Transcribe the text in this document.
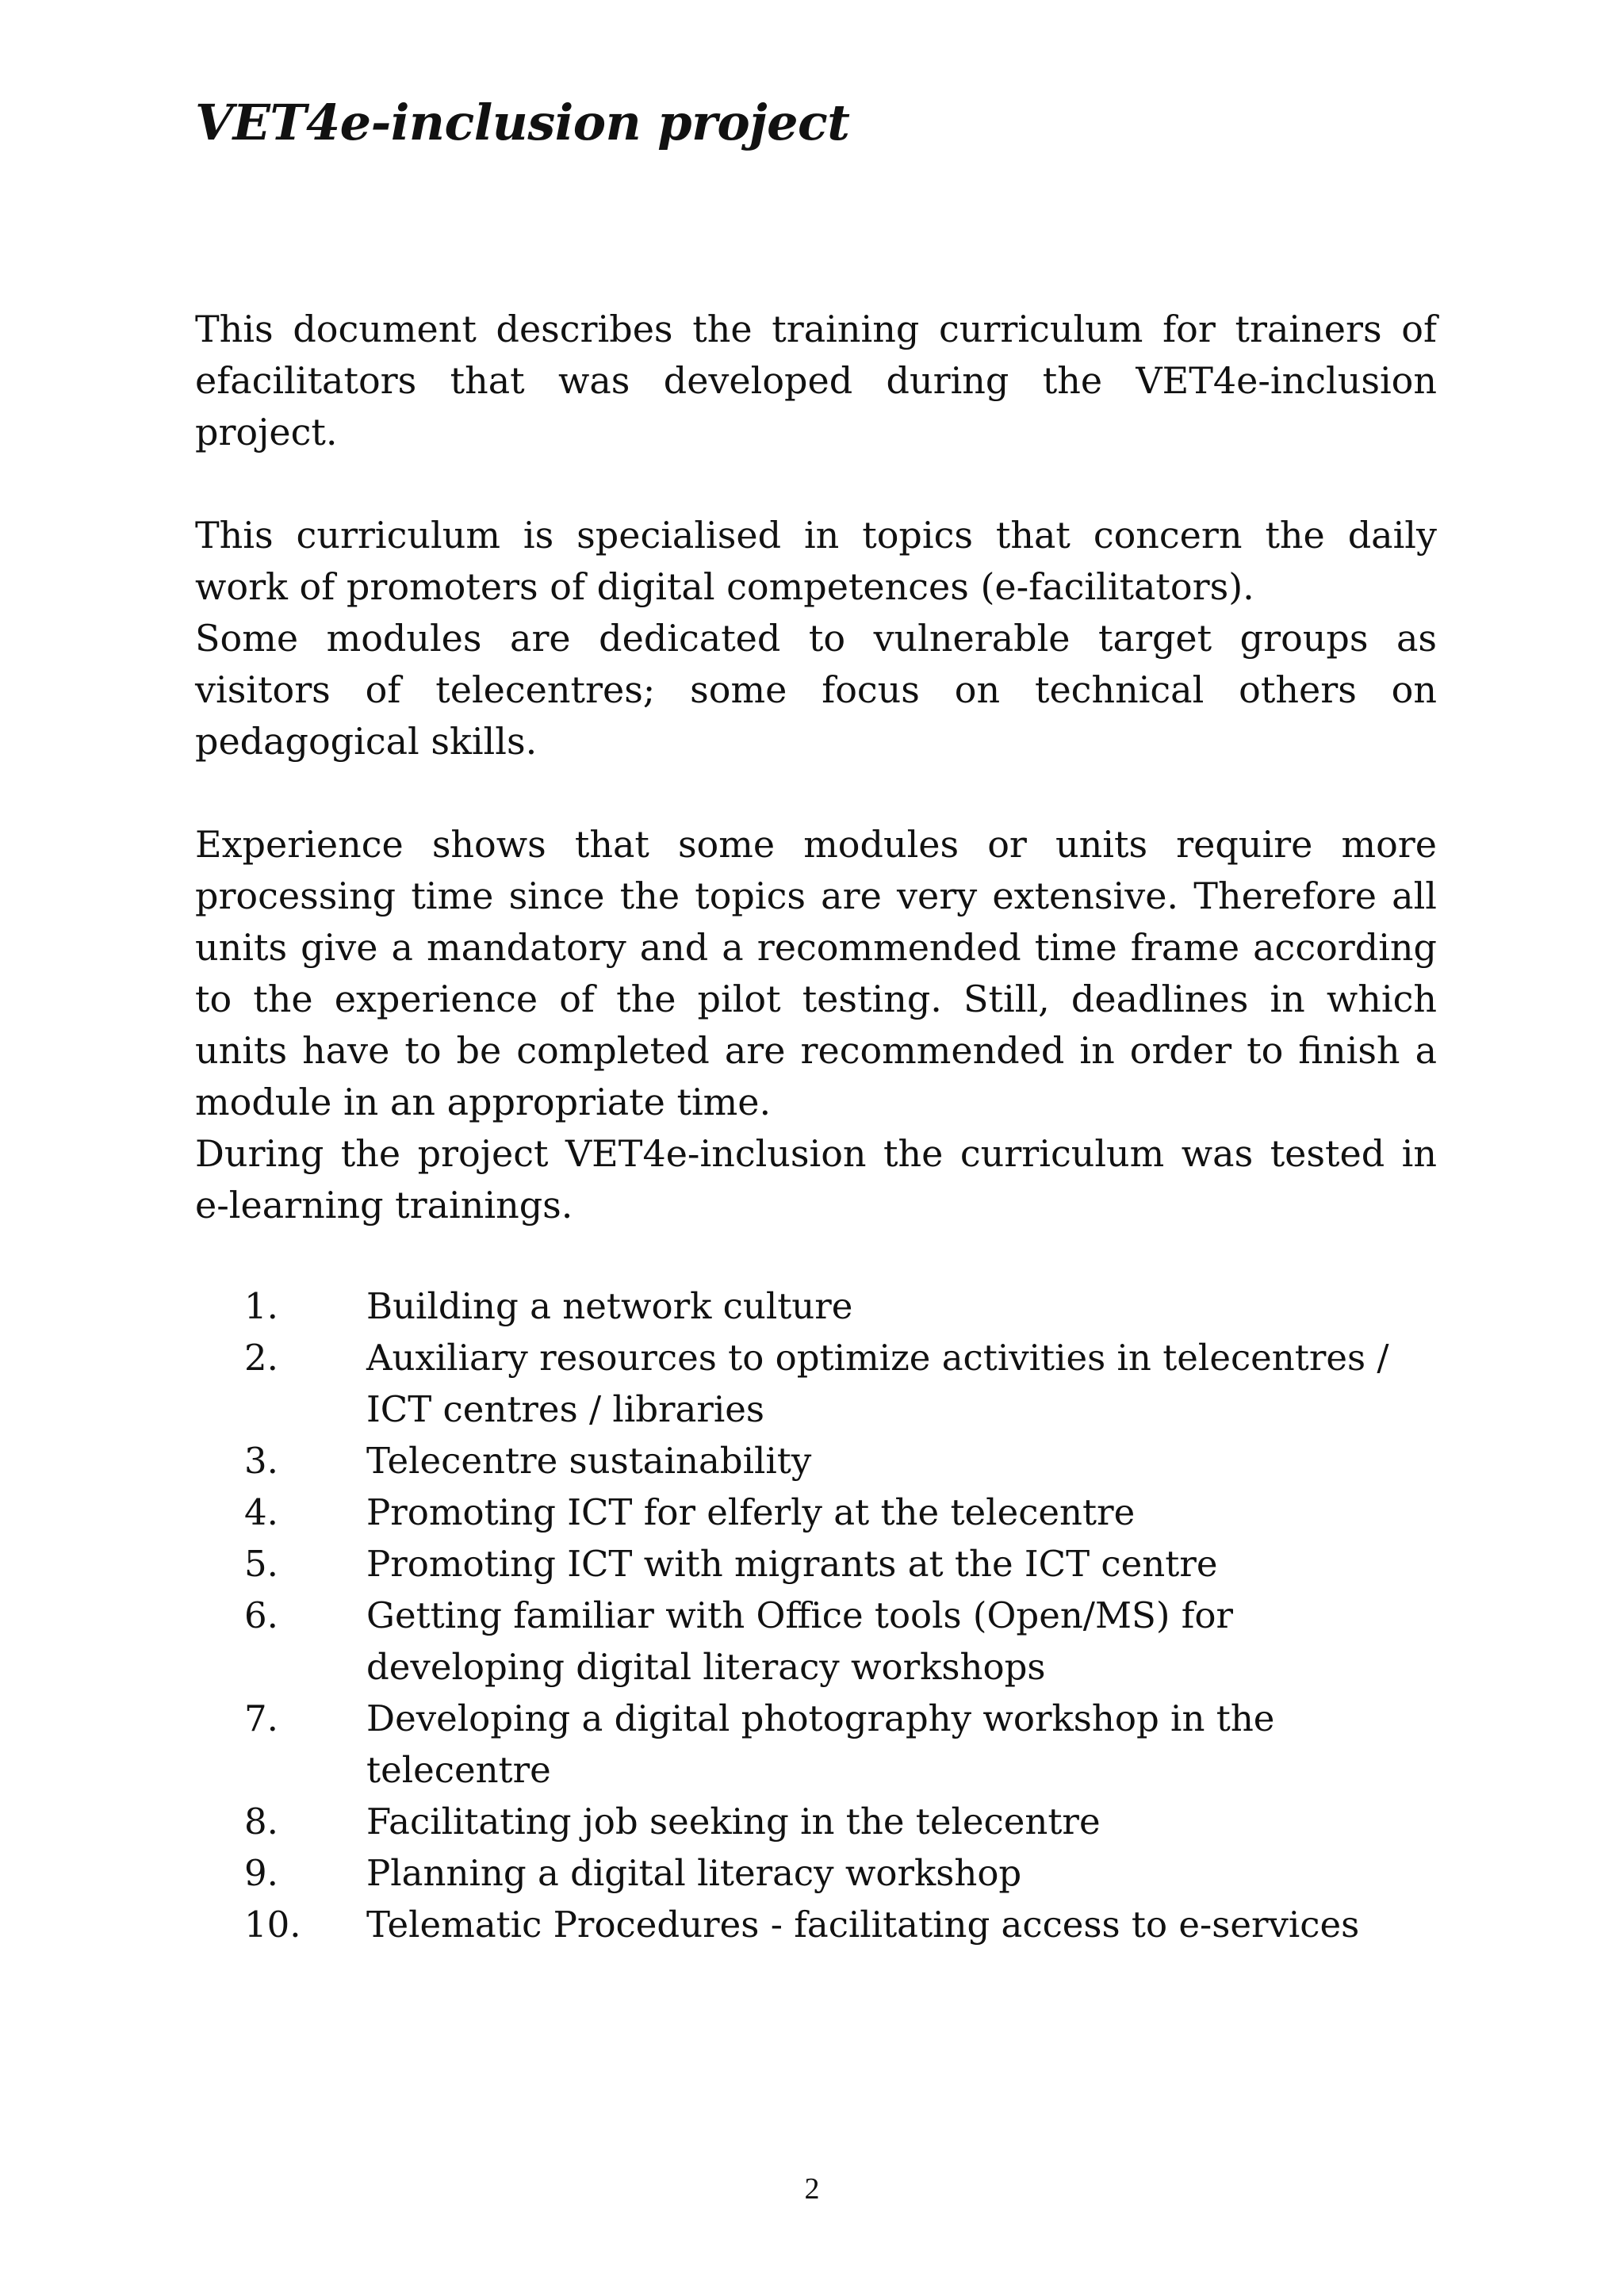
VET4e-inclusion project

This document describes the training curriculum for trainers of efacilitators that was developed during the VET4e-inclusion project.

This curriculum is specialised in topics that concern the daily work of promoters of digital competences (e-facilitators).

Some modules are dedicated to vulnerable target groups as visitors of telecentres; some focus on technical others on pedagogical skills.

Experience shows that some modules or units require more processing time since the topics are very extensive. Therefore all units give a mandatory and a recommended time frame according to the experience of the pilot testing. Still, deadlines in which units have to be completed are recommended in order to finish a module in an appropriate time.

During the project VET4e-inclusion the curriculum was tested in e-learning trainings.

1. Building a network culture
2. Auxiliary resources to optimize activities in telecentres / ICT centres / libraries
3. Telecentre sustainability
4. Promoting ICT for elferly at the telecentre
5. Promoting ICT with migrants at the ICT centre
6. Getting familiar with Office tools (Open/MS) for developing digital literacy workshops
7. Developing a digital photography workshop in the telecentre
8. Facilitating job seeking in the telecentre
9. Planning a digital literacy workshop
10. Telematic Procedures - facilitating access to e-services
2
